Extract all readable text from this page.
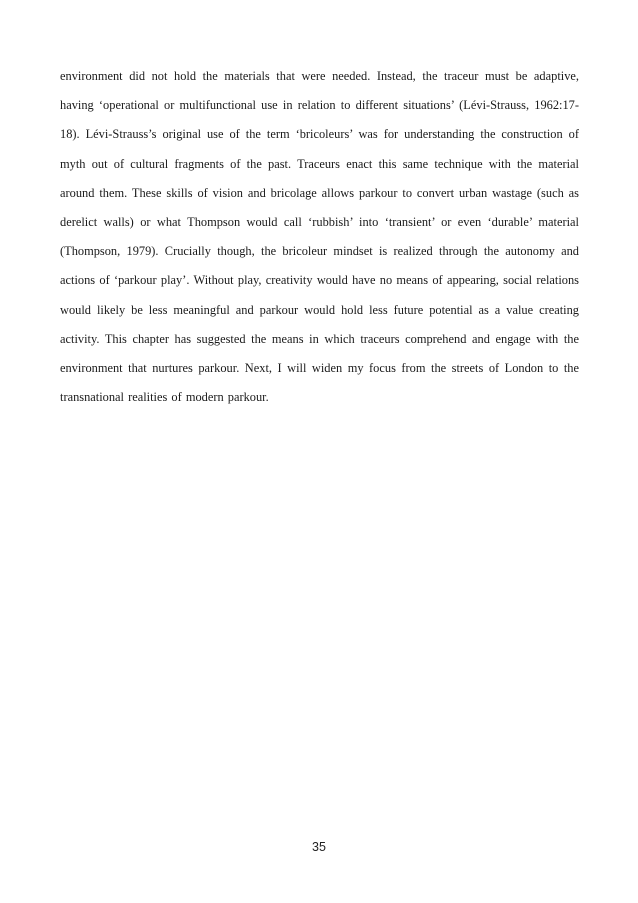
environment did not hold the materials that were needed. Instead, the traceur must be adaptive,
having ‘operational or multifunctional use in relation to different situations’ (Lévi-Strauss, 1962:17-
18). Lévi-Strauss’s original use of the term ‘bricoleurs’ was for understanding the construction of
myth out of cultural fragments of the past. Traceurs enact this same technique with the material
around them. These skills of vision and bricolage allows parkour to convert urban wastage (such as
derelict walls) or what Thompson would call ‘rubbish’ into ‘transient’ or even ‘durable’ material
(Thompson, 1979). Crucially though, the bricoleur mindset is realized through the autonomy and
actions of ‘parkour play’. Without play, creativity would have no means of appearing, social relations
would likely be less meaningful and parkour would hold less future potential as a value creating
activity. This chapter has suggested the means in which traceurs comprehend and engage with the
environment that nurtures parkour. Next, I will widen my focus from the streets of London to the
transnational realities of modern parkour.
35
